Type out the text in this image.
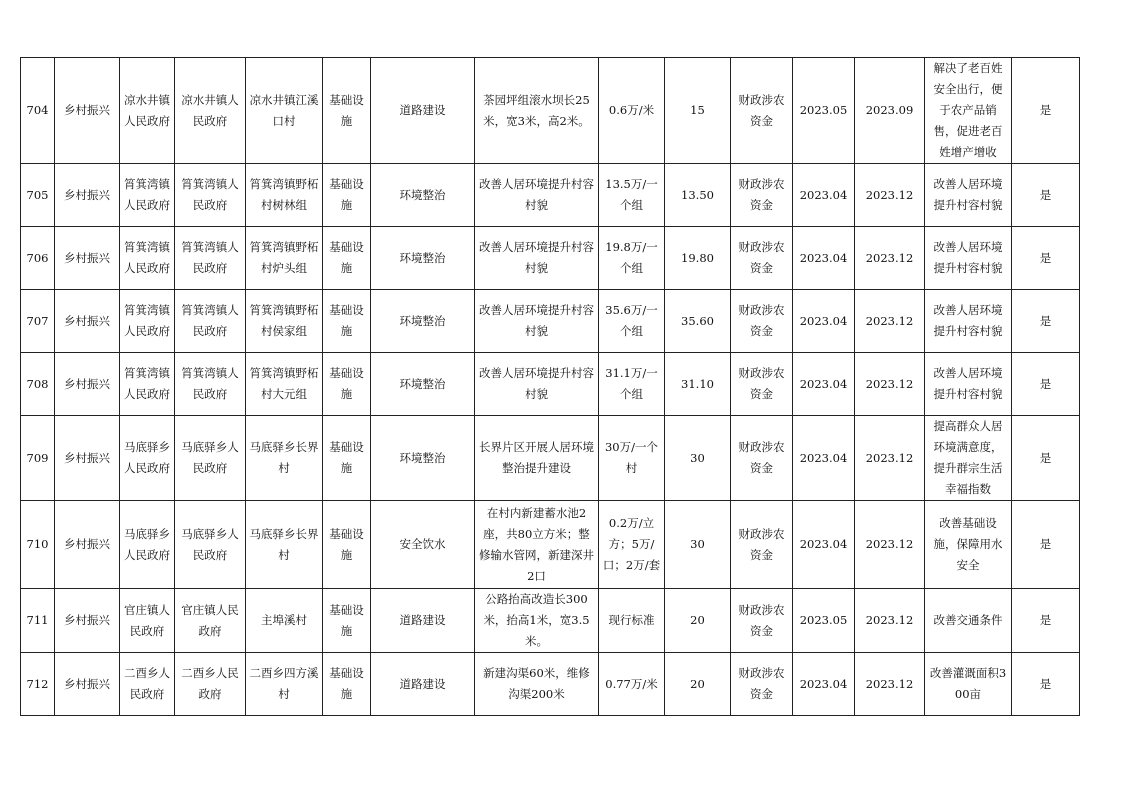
704	乡村振兴	凉水井镇人民政府	凉水井镇人民政府	凉水井镇江溪口村	基础设施	道路建设	茶园坪组滚水坝长25米，宽3米，高2米。	0.6万/米	15	财政涉农资金	2023.05	2023.09	解决了老百姓安全出行，便于农产品销售，促进老百姓增产增收	是
705	乡村振兴	筲箕湾镇人民政府	筲箕湾镇人民政府	筲箕湾镇野柘村树林组	基础设施	环境整治	改善人居环境提升村容村貌	13.5万/一个组	13.50	财政涉农资金	2023.04	2023.12	改善人居环境提升村容村貌	是
706	乡村振兴	筲箕湾镇人民政府	筲箕湾镇人民政府	筲箕湾镇野柘村炉头组	基础设施	环境整治	改善人居环境提升村容村貌	19.8万/一个组	19.80	财政涉农资金	2023.04	2023.12	改善人居环境提升村容村貌	是
707	乡村振兴	筲箕湾镇人民政府	筲箕湾镇人民政府	筲箕湾镇野柘村侯家组	基础设施	环境整治	改善人居环境提升村容村貌	35.6万/一个组	35.60	财政涉农资金	2023.04	2023.12	改善人居环境提升村容村貌	是
708	乡村振兴	筲箕湾镇人民政府	筲箕湾镇人民政府	筲箕湾镇野柘村大元组	基础设施	环境整治	改善人居环境提升村容村貌	31.1万/一个组	31.10	财政涉农资金	2023.04	2023.12	改善人居环境提升村容村貌	是
709	乡村振兴	马底驿乡人民政府	马底驿乡人民政府	马底驿乡长界村	基础设施	环境整治	长界片区开展人居环境整治提升建设	30万/一个村	30	财政涉农资金	2023.04	2023.12	提高群众人居环境满意度，提升群宗生活幸福指数	是
710	乡村振兴	马底驿乡人民政府	马底驿乡人民政府	马底驿乡长界村	基础设施	安全饮水	在村内新建蓄水池2座，共80立方米；整修输水管网，新建深井2口	0.2万/立方；5万/口；2万/套	30	财政涉农资金	2023.04	2023.12	改善基础设施，保障用水安全	是
711	乡村振兴	官庄镇人民政府	官庄镇人民政府	主埠溪村	基础设施	道路建设	公路抬高改造长300米，抬高1米，宽3.5米。	现行标准	20	财政涉农资金	2023.05	2023.12	改善交通条件	是
712	乡村振兴	二酉乡人民政府	二酉乡人民政府	二酉乡四方溪村	基础设施	道路建设	新建沟渠60米，维修沟渠200米	0.77万/米	20	财政涉农资金	2023.04	2023.12	改善灌溉面积300亩	是
